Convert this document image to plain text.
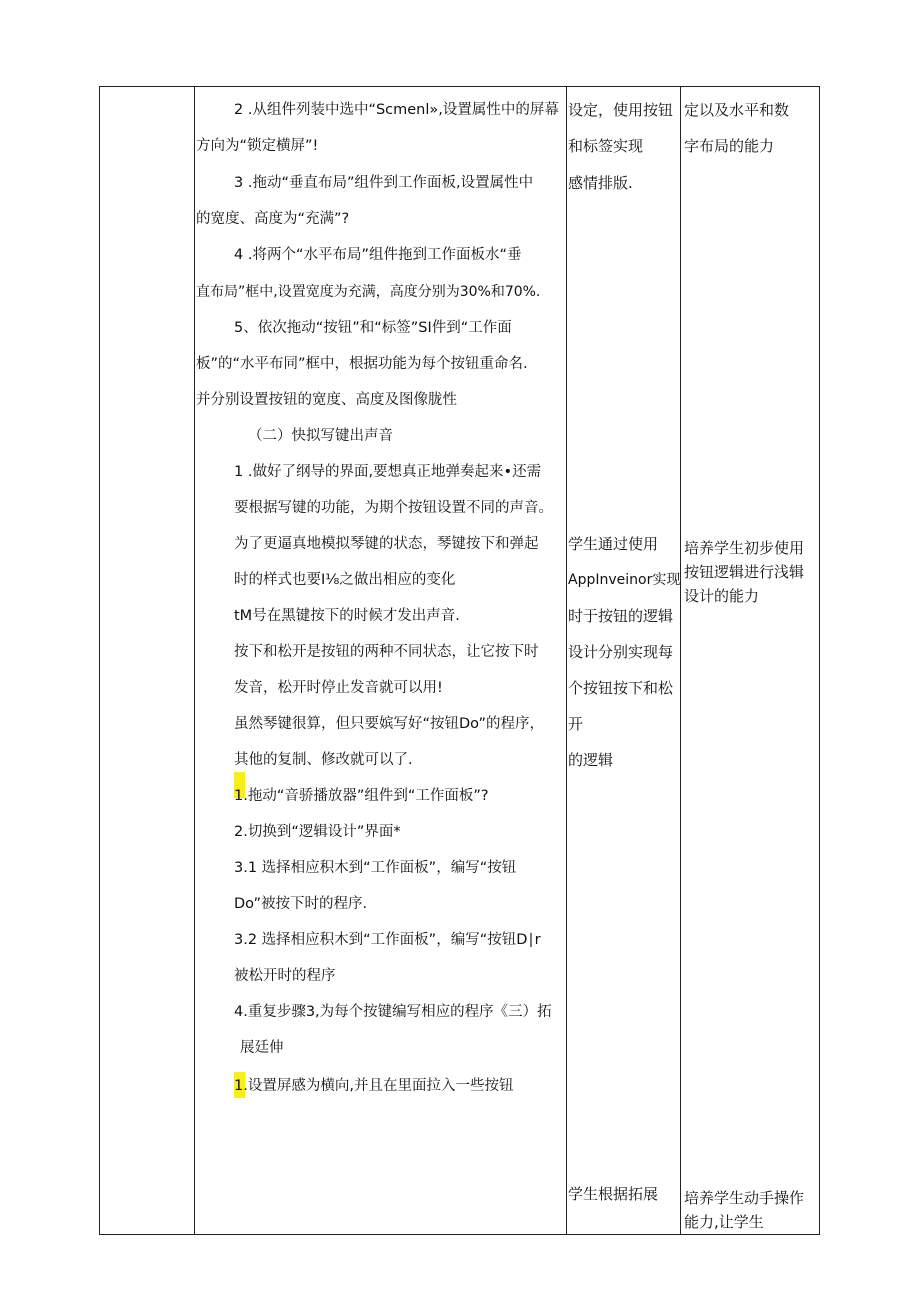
2 .从组件列装中选中“Scmenl»,设置属性中的屏幕
方向为“锁定横屏”!
3 .拖动“垂直布局”组件到工作面板,设置属性中
的宽度、高度为“充满”?
4 .将两个“水平布局”组件拖到工作面板水“垂
直布局”框中,设置宽度为充满，高度分别为30%和70%.
5、依次拖动“按钮”和“标签”SI件到“工作面
板”的“水平布同”框中，根据功能为每个按钮重命名.
并分别设置按钮的宽度、高度及图像胧性
（二）快拟写键出声音
1 .做好了纲导的界面,要想真正地弹奏起来•还需
要根据写键的功能，为期个按钮设置不同的声音。
为了更逼真地模拟琴键的状态，琴键按下和弹起
时的样式也要I⅛之做出相应的变化
tM号在黑键按下的时候才发出声音.
按下和松开是按钮的两种不同状态，让它按下时
发音，松开时停止发音就可以用!
虽然琴键很算，但只要嫔写好“按钮Do”的程序，
其他的复制、修改就可以了.
1.拖动“音骄播放器”组件到“工作面板”?
2.切换到“逻辑设计”界面*
3.1 选择相应积木到“工作面板”，编写“按钮
Do”被按下时的程序.
3.2 选择相应积木到“工作面板”，编写“按钮D∣r
被松开时的程序
4.重复步骤3,为每个按键编写相应的程序《三）拓
展廷伸
1.设置屏感为横向,并且在里面拉入一些按钮
设定，使用按钮
和标签实现
感情排版.
学生通过使用
AppInveinor实现
时于按钮的逻辑
设计分别实现每
个按钮按下和松
开
的逻辑
学生根据拓展
定以及水平和数
字布局的能力
培养学生初步使用
按钮逻辑进行浅辑
设计的能力
培养学生动手操作
能力,让学生
